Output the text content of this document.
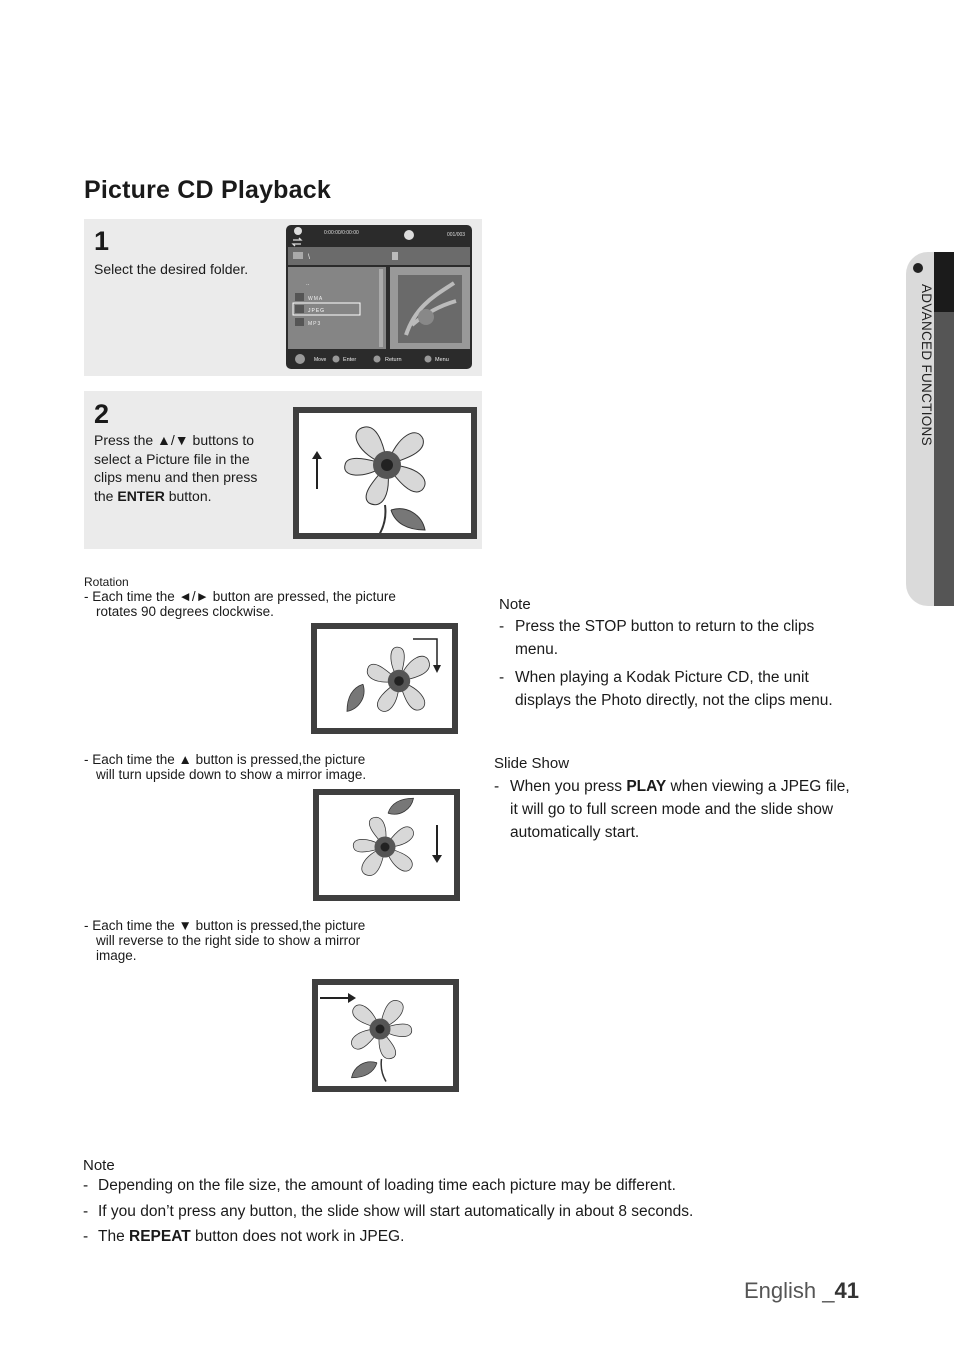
Picture CD Playback
ADVANCED FUNCTIONS
1
Select the desired folder.
0:00:00/0:00:00	001/003
\
..
WMA
JPEG
MP3
Move	Enter	Return	Menu
2
Press the ▲/▼ buttons to
select a Picture file in the
clips menu and then press
the ENTER button.
Rotation
- Each time the ◄/► button are pressed, the picture
rotates 90 degrees clockwise.
- Each time the ▲ button is pressed,the picture
will turn upside down to show a mirror image.
- Each time the ▼ button is pressed,the picture
will reverse to the right side to show a mirror
image.
Note
- Press the STOP button to return to the clips
menu.
- When playing a Kodak Picture CD, the unit
displays the Photo directly, not the clips menu.
Slide Show
- When you press PLAY when viewing a JPEG file,
it will go to full screen mode and the slide show
automatically start.
Note
- Depending on the file size, the amount of loading time each picture may be different.
- If you don’t press any button, the slide show will start automatically in about 8 seconds.
- The REPEAT button does not work in JPEG.
English _41
